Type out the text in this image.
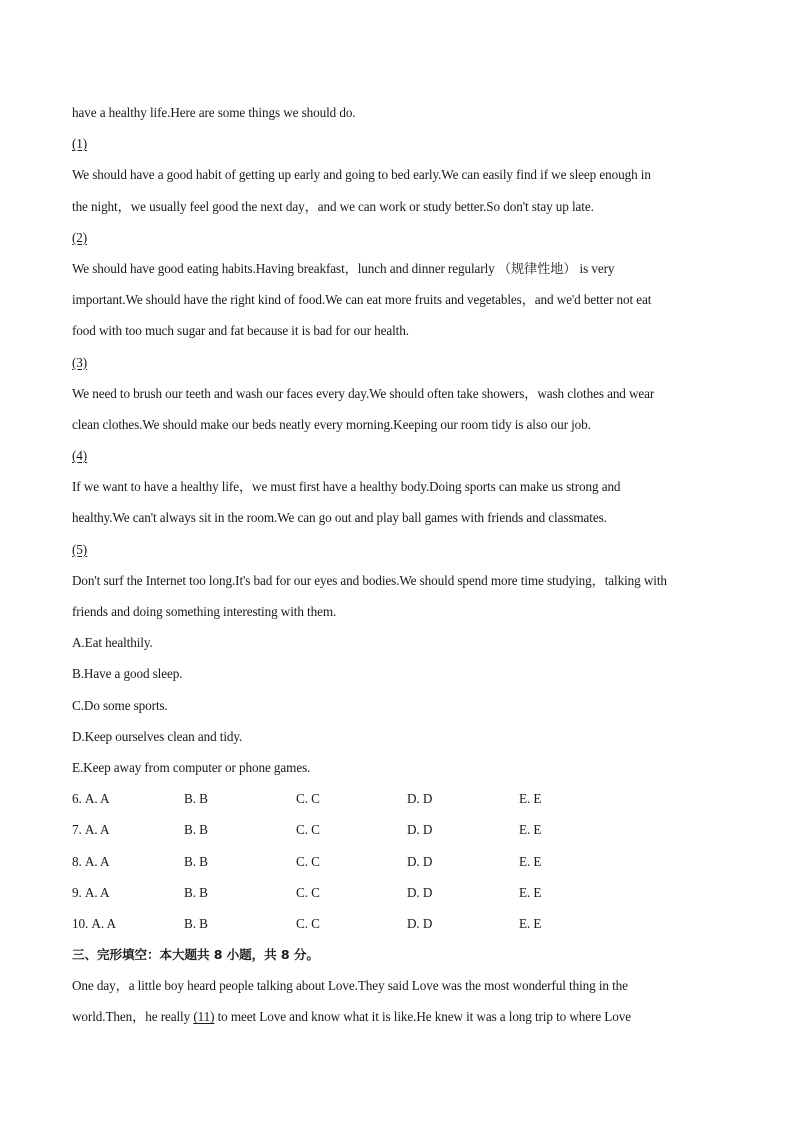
have a healthy life.Here are some things we should do.
(1)
We should have a good habit of getting up early and going to bed early.We can easily find if we sleep enough in
the night，we usually feel good the next day，and we can work or study better.So don't stay up late.
(2)
We should have good eating habits.Having breakfast，lunch and dinner regularly （规律性地） is very
important.We should have the right kind of food.We can eat more fruits and vegetables，and we'd better not eat
food with too much sugar and fat because it is bad for our health.
(3)
We need to brush our teeth and wash our faces every day.We should often take showers，wash clothes and wear
clean clothes.We should make our beds neatly every morning.Keeping our room tidy is also our job.
(4)
If we want to have a healthy life，we must first have a healthy body.Doing sports can make us strong and
healthy.We can't always sit in the room.We can go out and play ball games with friends and classmates.
(5)
Don't surf the Internet too long.It's bad for our eyes and bodies.We should spend more time studying，talking with
friends and doing something interesting with them.
A.Eat healthily.
B.Have a good sleep.
C.Do some sports.
D.Keep ourselves clean and tidy.
E.Keep away from computer or phone games.
6. A. A	B. B	C. C	D. D	E. E
7. A. A	B. B	C. C	D. D	E. E
8. A. A	B. B	C. C	D. D	E. E
9. A. A	B. B	C. C	D. D	E. E
10. A. A	B. B	C. C	D. D	E. E
三、完形填空：本大题共 8 小题，共 8 分。
One day，a little boy heard people talking about Love.They said Love was the most wonderful thing in the
world.Then，he really (11) to meet Love and know what it is like.He knew it was a long trip to where Love
